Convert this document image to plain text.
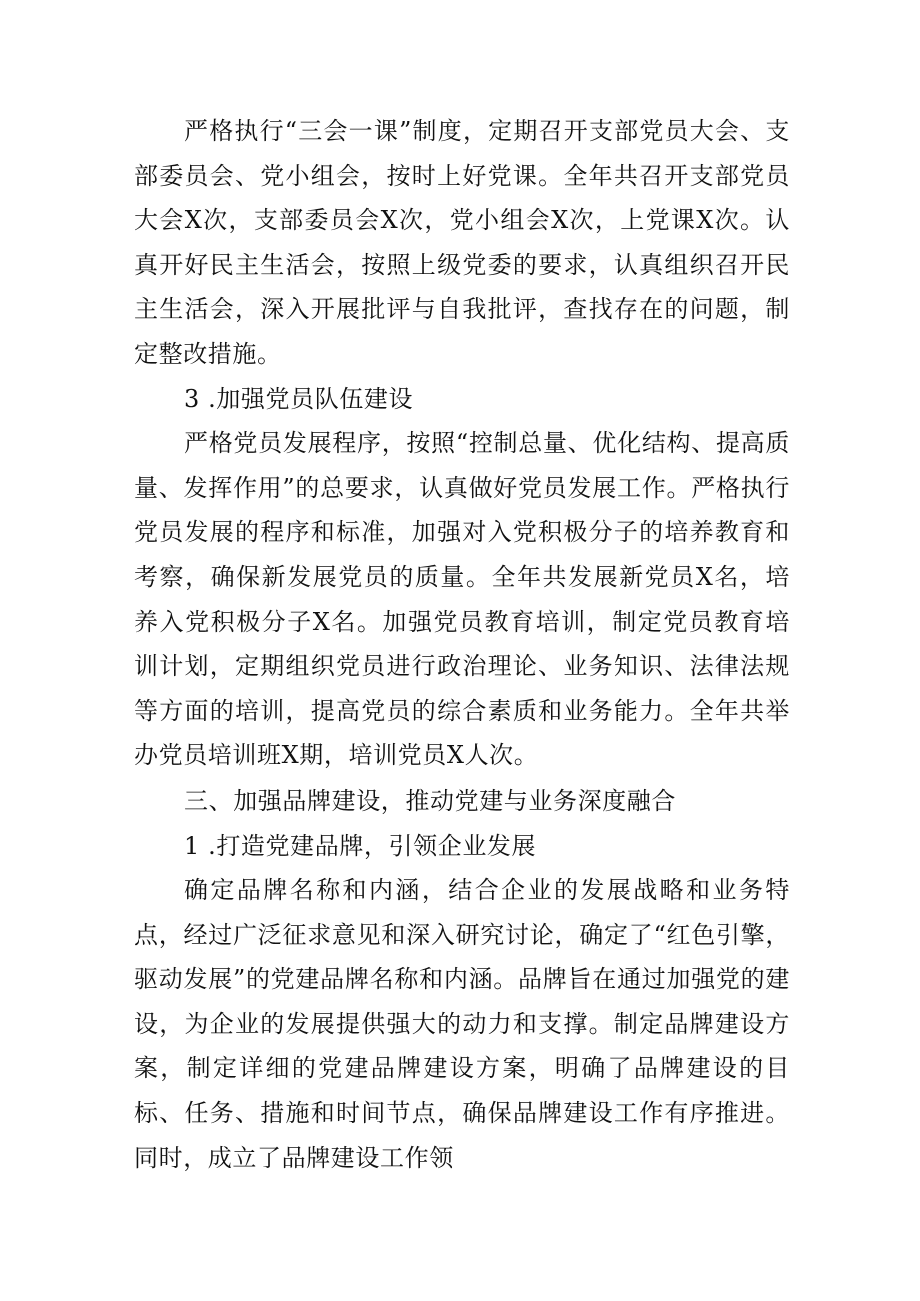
严格执行“三会一课”制度，定期召开支部党员大会、支部委员会、党小组会，按时上好党课。全年共召开支部党员大会X次，支部委员会X次，党小组会X次，上党课X次。认真开好民主生活会，按照上级党委的要求，认真组织召开民主生活会，深入开展批评与自我批评，查找存在的问题，制定整改措施。

3 .加强党员队伍建设

严格党员发展程序，按照“控制总量、优化结构、提高质量、发挥作用”的总要求，认真做好党员发展工作。严格执行党员发展的程序和标准，加强对入党积极分子的培养教育和考察，确保新发展党员的质量。全年共发展新党员X名，培养入党积极分子X名。加强党员教育培训，制定党员教育培训计划，定期组织党员进行政治理论、业务知识、法律法规等方面的培训，提高党员的综合素质和业务能力。全年共举办党员培训班X期，培训党员X人次。

三、加强品牌建设，推动党建与业务深度融合

1 .打造党建品牌，引领企业发展

确定品牌名称和内涵，结合企业的发展战略和业务特点，经过广泛征求意见和深入研究讨论，确定了“红色引擎，驱动发展”的党建品牌名称和内涵。品牌旨在通过加强党的建设，为企业的发展提供强大的动力和支撑。制定品牌建设方案，制定详细的党建品牌建设方案，明确了品牌建设的目标、任务、措施和时间节点，确保品牌建设工作有序推进。同时，成立了品牌建设工作领
